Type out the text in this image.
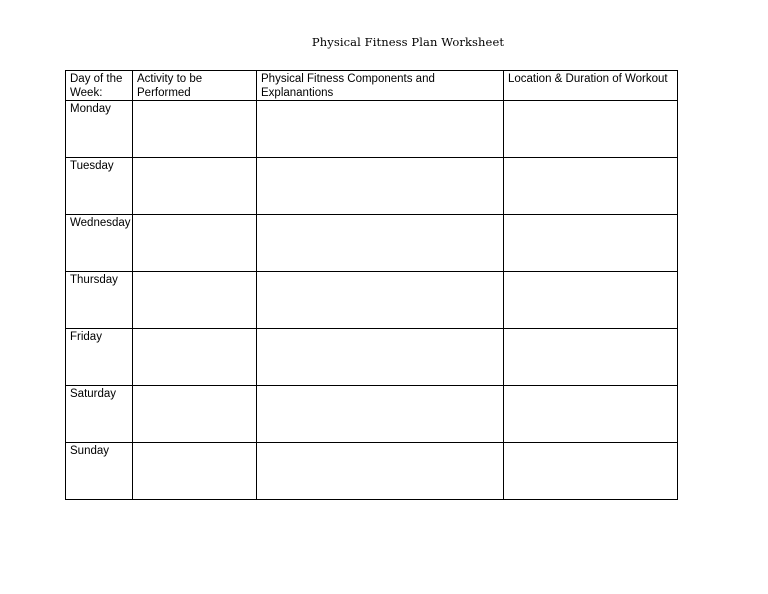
Physical Fitness Plan Worksheet
Day of the Week:	Activity to be Performed	Physical Fitness Components and Explanantions	Location & Duration of Workout
Monday			
Tuesday			
Wednesday			
Thursday			
Friday			
Saturday			
Sunday			
